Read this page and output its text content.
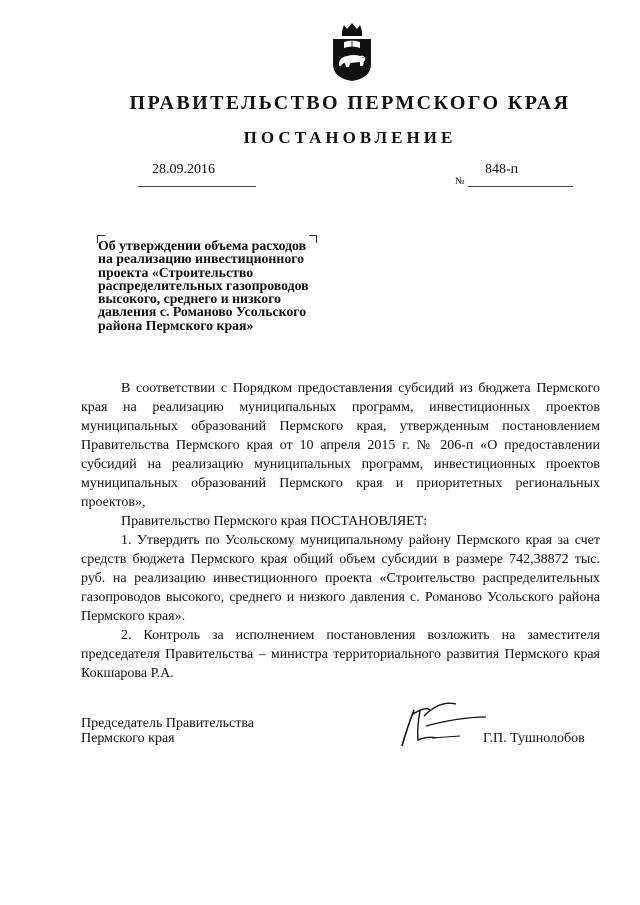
ПРАВИТЕЛЬСТВО ПЕРМСКОГО КРАЯ
ПОСТАНОВЛЕНИЕ
28.09.2016
№
848-п

Об утверждении объема расходов

на реализацию инвестиционного

проекта «Строительство

распределительных газопроводов

высокого, среднего и низкого

давления с. Романово Усольского

района Пермского края»

В соответствии с Порядком предоставления субсидий из бюджета Пермского края на реализацию муниципальных программ, инвестиционных проектов муниципальных образований Пермского края, утвержденным постановлением Правительства Пермского края от 10 апреля 2015 г. № 206-п «О предоставлении субсидий на реализацию муниципальных программ, инвестиционных проектов муниципальных образований Пермского края и приоритетных региональных проектов»,

Правительство Пермского края ПОСТАНОВЛЯЕТ:

1. Утвердить по Усольскому муниципальному району Пермского края за счет средств бюджета Пермского края общий объем субсидии в размере 742,38872 тыс. руб. на реализацию инвестиционного проекта «Строительство распределительных газопроводов высокого, среднего и низкого давления с. Романово Усольского района Пермского края».

2. Контроль за исполнением постановления возложить на заместителя председателя Правительства – министра территориального развития Пермского края Кокшарова Р.А.

Председатель Правительства
Пермского края	Г.П. Тушнолобов
